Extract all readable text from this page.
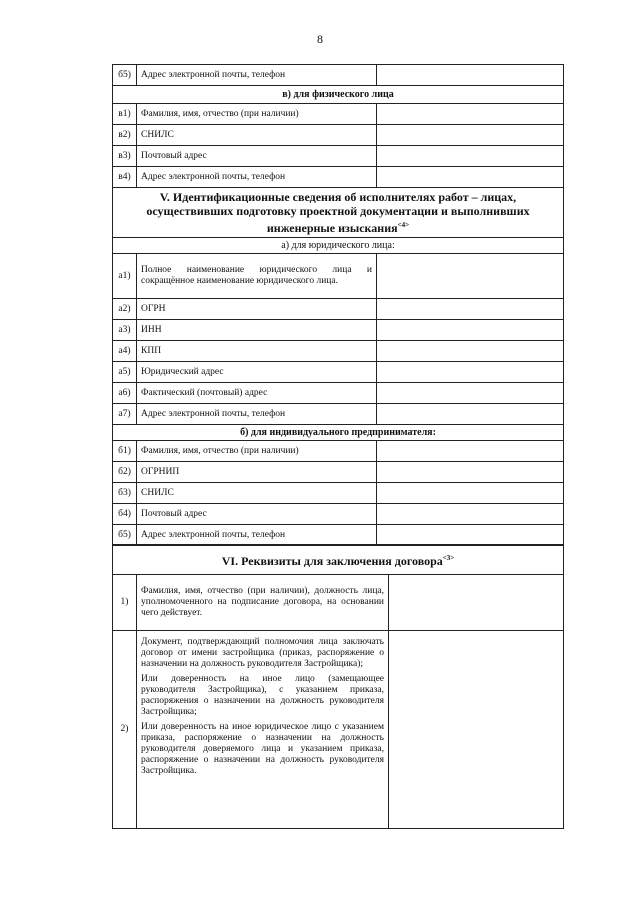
8
б5)	Адрес электронной почты, телефон	
в) для физического лица		
в1)	Фамилия, имя, отчество (при наличии)	
в2)	СНИЛС	
в3)	Почтовый адрес	
в4)	Адрес электронной почты, телефон	
V. Идентификационные сведения об исполнителях работ – лицах, осуществивших подготовку проектной документации и выполнивших инженерные изыскания$^{<4>}$
а) для юридического лица:		
а1)	Полное наименование юридического лица и сокращённое наименование юридического лица.	
а2)	ОГРН	
а3)	ИНН	
а4)	КПП	
а5)	Юридический адрес	
а6)	Фактический (почтовый) адрес	
а7)	Адрес электронной почты, телефон	
б) для индивидуального предпринимателя:		
б1)	Фамилия, имя, отчество (при наличии)	
б2)	ОГРНИП	
б3)	СНИЛС	
б4)	Почтовый адрес	
б5)	Адрес электронной почты, телефон	
VI. Реквизиты для заключения договора$^{<3>}$
1)	Фамилия, имя, отчество (при наличии), должность лица, уполномоченного на подписание договора, на основании чего действует.	
2)	Документ, подтверждающий полномочия лица заключать договор от имени застройщика (приказ, распоряжение о назначении на должность руководителя Застройщика);

Или доверенность на иное лицо (замещающее руководителя Застройщика), с указанием приказа, распоряжения о назначении на должность руководителя Застройщика;

Или доверенность на иное юридическое лицо с указанием приказа, распоряжение о назначении на должность руководителя доверяемого лица и указанием приказа, распоряжение о назначении на должность руководителя Застройщика.	
